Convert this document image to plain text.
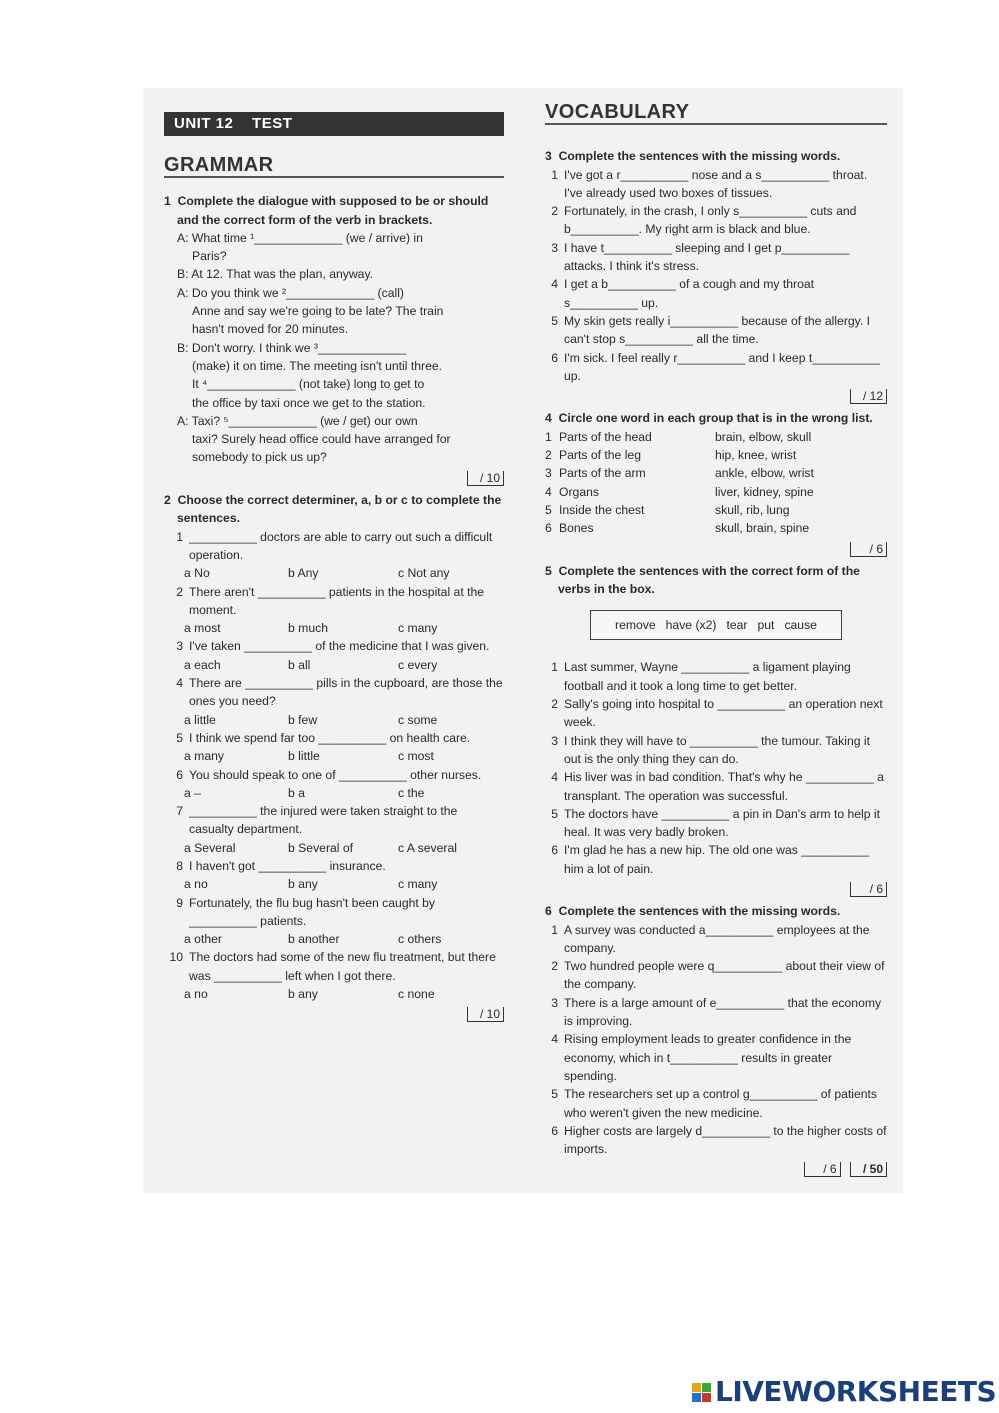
UNIT 12 TEST
GRAMMAR
1 Complete the dialogue with supposed to be or should and the correct form of the verb in brackets.
A: What time ¹_____________ (we / arrive) in
Paris?
B: At 12. That was the plan, anyway.
A: Do you think we ²_____________ (call)
Anne and say we're going to be late? The train
hasn't moved for 20 minutes.
B: Don't worry. I think we ³_____________
(make) it on time. The meeting isn't until three.
It ⁴_____________ (not take) long to get to
the office by taxi once we get to the station.
A: Taxi? ⁵_____________ (we / get) our own
taxi? Surely head office could have arranged for
somebody to pick us up?
/ 10
2 Choose the correct determiner, a, b or c to complete the sentences.
1 __________ doctors are able to carry out such a difficult operation.
a No	b Any	c Not any
2 There aren't __________ patients in the hospital at the moment.
a most	b much	c many
3 I've taken __________ of the medicine that I was given.
a each	b all	c every
4 There are __________ pills in the cupboard, are those the ones you need?
a little	b few	c some
5 I think we spend far too __________ on health care.
a many	b little	c most
6 You should speak to one of __________ other nurses.
a –	b a	c the
7 __________ the injured were taken straight to the casualty department.
a Several	b Several of	c A several
8 I haven't got __________ insurance.
a no	b any	c many
9 Fortunately, the flu bug hasn't been caught by __________ patients.
a other	b another	c others
10 The doctors had some of the new flu treatment, but there was __________ left when I got there.
a no	b any	c none
/ 10
VOCABULARY
3 Complete the sentences with the missing words.
1 I've got a r__________ nose and a s__________ throat. I've already used two boxes of tissues.
2 Fortunately, in the crash, I only s__________ cuts and b__________. My right arm is black and blue.
3 I have t__________ sleeping and I get p__________ attacks. I think it's stress.
4 I get a b__________ of a cough and my throat s__________ up.
5 My skin gets really i__________ because of the allergy. I can't stop s__________ all the time.
6 I'm sick. I feel really r__________ and I keep t__________ up.
/ 12
4 Circle one word in each group that is in the wrong list.
1 Parts of the head	brain, elbow, skull
2 Parts of the leg	hip, knee, wrist
3 Parts of the arm	ankle, elbow, wrist
4 Organs	liver, kidney, spine
5 Inside the chest	skull, rib, lung
6 Bones	skull, brain, spine
/ 6
5 Complete the sentences with the correct form of the verbs in the box.
remove have (x2) tear put cause
1 Last summer, Wayne __________ a ligament playing football and it took a long time to get better.
2 Sally's going into hospital to __________ an operation next week.
3 I think they will have to __________ the tumour. Taking it out is the only thing they can do.
4 His liver was in bad condition. That's why he __________ a transplant. The operation was successful.
5 The doctors have __________ a pin in Dan's arm to help it heal. It was very badly broken.
6 I'm glad he has a new hip. The old one was __________ him a lot of pain.
/ 6
6 Complete the sentences with the missing words.
1 A survey was conducted a__________ employees at the company.
2 Two hundred people were q__________ about their view of the company.
3 There is a large amount of e__________ that the economy is improving.
4 Rising employment leads to greater confidence in the economy, which in t__________ results in greater spending.
5 The researchers set up a control g__________ of patients who weren't given the new medicine.
6 Higher costs are largely d__________ to the higher costs of imports.
/ 6 / 50
LIVEWORKSHEETS
